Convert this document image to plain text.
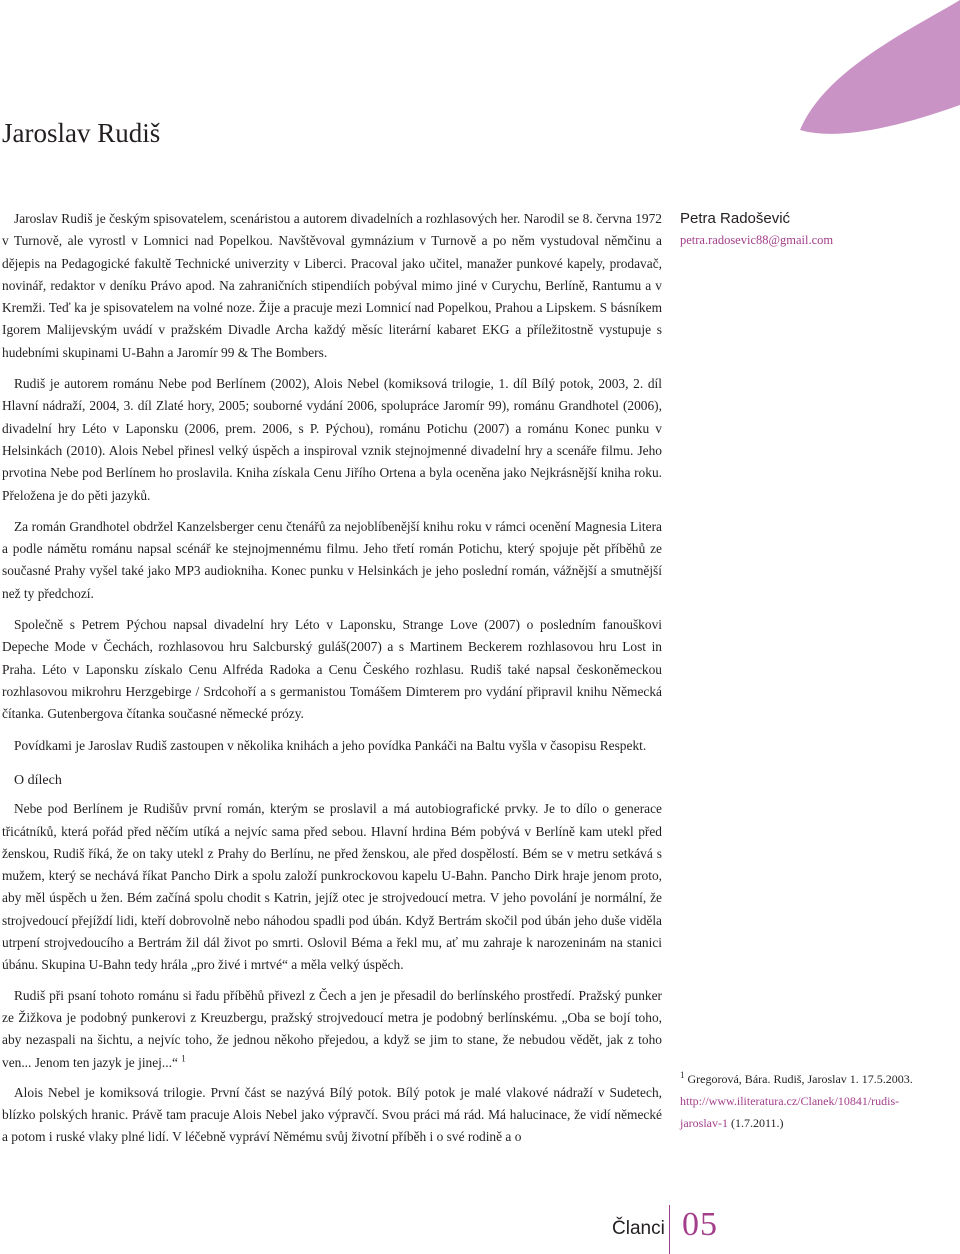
Jaroslav Rudiš

Jaroslav Rudiš je českým spisovatelem, scenáristou a autorem divadelních a rozhlasových her. Narodil se 8. června 1972 v Turnově, ale vyrostl v Lomnici nad Popelkou. Navštěvoval gymnázium v Turnově a po něm vystudoval němčinu a dějepis na Pedagogické fakultě Technické univerzity v Liberci. Pracoval jako učitel, manažer punkové kapely, prodavač, novinář, redaktor v deníku Právo apod. Na zahraničních stipendiích pobýval mimo jiné v Curychu, Berlíně, Rantumu a v Kremži. Teď ka je spisovatelem na volné noze. Žije a pracuje mezi Lomnicí nad Popelkou, Prahou a Lipskem. S básníkem Igorem Malijevským uvádí v pražském Divadle Archa každý měsíc literární kabaret EKG a příležitostně vystupuje s hudebními skupinami U-Bahn a Jaromír 99 & The Bombers.

Rudiš je autorem románu Nebe pod Berlínem (2002), Alois Nebel (komiksová trilogie, 1. díl Bílý potok, 2003, 2. díl Hlavní nádraží, 2004, 3. díl Zlaté hory, 2005; souborné vydání 2006, spolupráce Jaromír 99), románu Grandhotel (2006), divadelní hry Léto v Laponsku (2006, prem. 2006, s P. Pýchou), románu Potichu (2007) a románu Konec punku v Helsinkách (2010). Alois Nebel přinesl velký úspěch a inspiroval vznik stejnojmenné divadelní hry a scenáře filmu. Jeho prvotina Nebe pod Berlínem ho proslavila. Kniha získala Cenu Jiřího Ortena a byla oceněna jako Nejkrásnější kniha roku. Přeložena je do pěti jazyků.

Za román Grandhotel obdržel Kanzelsberger cenu čtenářů za nejoblíbenější knihu roku v rámci ocenění Magnesia Litera a podle námětu románu napsal scénář ke stejnojmennému filmu. Jeho třetí román Potichu, který spojuje pět příběhů ze současné Prahy vyšel také jako MP3 audiokniha. Konec punku v Helsinkách je jeho poslední román, vážnější a smutnější než ty předchozí.

Společně s Petrem Pýchou napsal divadelní hry Léto v Laponsku, Strange Love (2007) o posledním fanouškovi Depeche Mode v Čechách, rozhlasovou hru Salcburský guláš(2007) a s Martinem Beckerem rozhlasovou hru Lost in Praha. Léto v Laponsku získalo Cenu Alfréda Radoka a Cenu Českého rozhlasu. Rudiš také napsal českoněmeckou rozhlasovou mikrohru Herzgebirge / Srdcohoří a s germanistou Tomášem Dimterem pro vydání připravil knihu Německá čítanka. Gutenbergova čítanka současné německé prózy.

Povídkami je Jaroslav Rudiš zastoupen v několika knihách a jeho povídka Pankáči na Baltu vyšla v časopisu Respekt.

O dílech

Nebe pod Berlínem je Rudišův první román, kterým se proslavil a má autobiografické prvky. Je to dílo o generace třicátníků, která pořád před něčím utíká a nejvíc sama před sebou. Hlavní hrdina Bém pobývá v Berlíně kam utekl před ženskou, Rudiš říká, že on taky utekl z Prahy do Berlínu, ne před ženskou, ale před dospělostí. Bém se v metru setkává s mužem, který se nechává říkat Pancho Dirk a spolu založí punkrockovou kapelu U-Bahn. Pancho Dirk hraje jenom proto, aby měl úspěch u žen. Bém začíná spolu chodit s Katrin, jejíž otec je strojvedoucí metra. V jeho povolání je normální, že strojvedoucí přejíždí lidi, kteří dobrovolně nebo náhodou spadli pod úbán. Když Bertrám skočil pod úbán jeho duše viděla utrpení strojvedoucího a Bertrám žil dál život po smrti. Oslovil Béma a řekl mu, ať mu zahraje k narozeninám na stanici úbánu. Skupina U-Bahn tedy hrála „pro živé i mrtvé“ a měla velký úspěch.

Rudiš při psaní tohoto románu si řadu příběhů přivezl z Čech a jen je přesadil do berlínského prostředí. Pražský punker ze Žižkova je podobný punkerovi z Kreuzbergu, pražský strojvedoucí metra je podobný berlínskému. „Oba se bojí toho, aby nezaspali na šichtu, a nejvíc toho, že jednou někoho přejedou, a když se jim to stane, že nebudou vědět, jak z toho ven... Jenom ten jazyk je jinej...“ $^1$

Alois Nebel je komiksová trilogie. První část se nazývá Bílý potok. Bílý potok je malé vlakové nádraží v Sudetech, blízko polských hranic. Právě tam pracuje Alois Nebel jako výpravčí. Svou práci má rád. Má halucinace, že vidí německé a potom i ruské vlaky plné lidí. V léčebně vypráví Němému svůj životní příběh i o své rodině a o

Petra Radošević
petra.radosevic88@gmail.com
$^1$ Gregorová, Bára. Rudiš, Jaroslav 1. 17.5.2003.
http://www.iliteratura.cz/Clanek/10841/rudis-jaroslav-1 (1.7.2011.)
Članci 05
